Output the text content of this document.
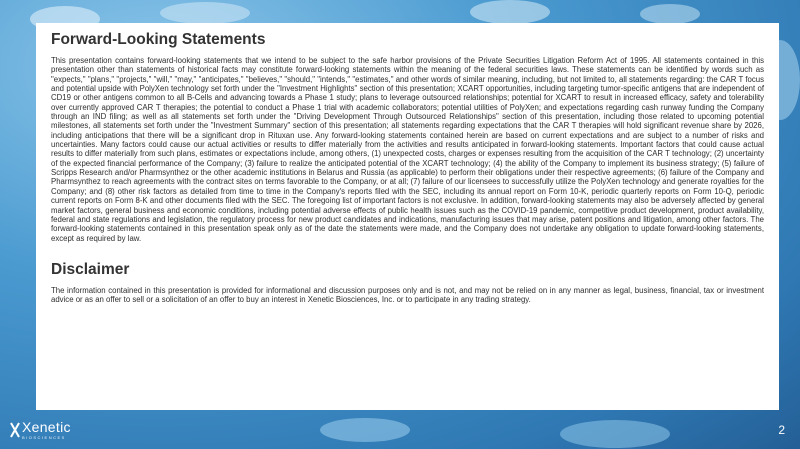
Forward-Looking Statements

This presentation contains forward-looking statements that we intend to be subject to the safe harbor provisions of the Private Securities Litigation Reform Act of 1995. All statements contained in this presentation other than statements of historical facts may constitute forward-looking statements within the meaning of the federal securities laws. These statements can be identified by words such as "expects," "plans," "projects," "will," "may," "anticipates," "believes," "should," "intends," "estimates," and other words of similar meaning, including, but not limited to, all statements regarding: the CAR T focus and potential upside with PolyXen technology set forth under the "Investment Highlights" section of this presentation; XCART opportunities, including targeting tumor-specific antigens that are independent of CD19 or other antigens common to all B-Cells and advancing towards a Phase 1 study; plans to leverage outsourced relationships; potential for XCART to result in increased efficacy, safety and tolerability over currently approved CAR T therapies; the potential to conduct a Phase 1 trial with academic collaborators; potential utilities of PolyXen; and expectations regarding cash runway funding the Company through an IND filing; as well as all statements set forth under the "Driving Development Through Outsourced Relationships" section of this presentation, including those related to upcoming potential milestones, all statements set forth under the "Investment Summary" section of this presentation; all statements regarding expectations that the CAR T therapies will hold significant revenue share by 2026, including anticipations that there will be a significant drop in Rituxan use. Any forward-looking statements contained herein are based on current expectations and are subject to a number of risks and uncertainties. Many factors could cause our actual activities or results to differ materially from the activities and results anticipated in forward-looking statements. Important factors that could cause actual results to differ materially from such plans, estimates or expectations include, among others, (1) unexpected costs, charges or expenses resulting from the acquisition of the CAR T technology; (2) uncertainty of the expected financial performance of the Company; (3) failure to realize the anticipated potential of the XCART technology; (4) the ability of the Company to implement its business strategy; (5) failure of Scripps Research and/or Pharmsynthez or the other academic institutions in Belarus and Russia (as applicable) to perform their obligations under their respective agreements; (6) failure of the Company and Pharmsynthez to reach agreements with the contract sites on terms favorable to the Company, or at all; (7) failure of our licensees to successfully utilize the PolyXen technology and generate royalties for the Company; and (8) other risk factors as detailed from time to time in the Company's reports filed with the SEC, including its annual report on Form 10-K, periodic quarterly reports on Form 10-Q, periodic current reports on Form 8-K and other documents filed with the SEC. The foregoing list of important factors is not exclusive. In addition, forward-looking statements may also be adversely affected by general market factors, general business and economic conditions, including potential adverse effects of public health issues such as the COVID-19 pandemic, competitive product development, product availability, federal and state regulations and legislation, the regulatory process for new product candidates and indications, manufacturing issues that may arise, patent positions and litigation, among other factors. The forward-looking statements contained in this presentation speak only as of the date the statements were made, and the Company does not undertake any obligation to update forward-looking statements, except as required by law.

Disclaimer

The information contained in this presentation is provided for informational and discussion purposes only and is not, and may not be relied on in any manner as legal, business, financial, tax or investment advice or as an offer to sell or a solicitation of an offer to buy an interest in Xenetic Biosciences, Inc. or to participate in any trading strategy.

Xenetic
BIOSCIENCES
2
